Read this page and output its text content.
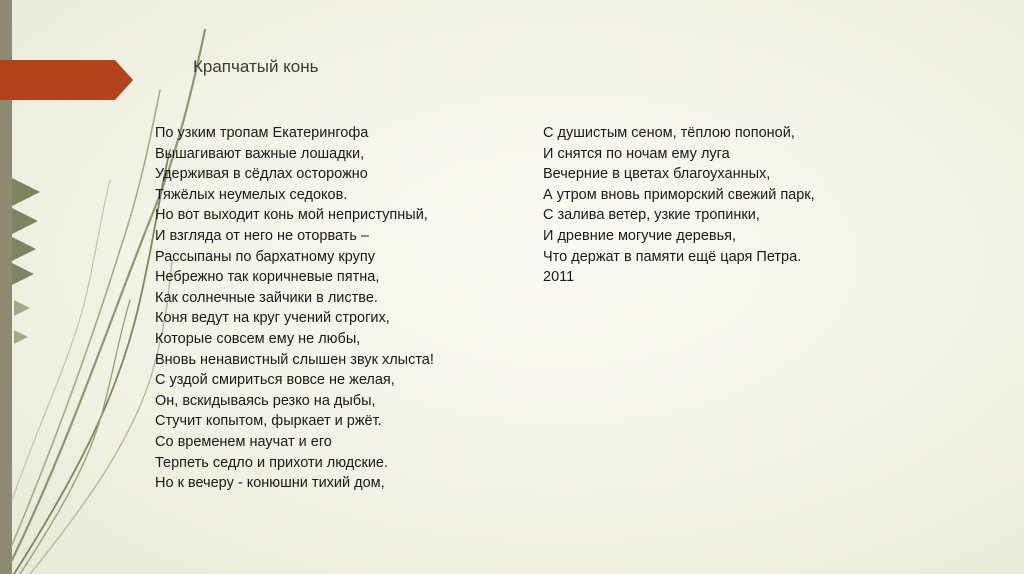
Крапчатый конь
По узким тропам Екатерингофа
Вышагивают важные лошадки,
Удерживая в сёдлах осторожно
Тяжёлых неумелых седоков.
Но вот выходит конь мой неприступный,
И взгляда от него не оторвать –
Рассыпаны по бархатному крупу
Небрежно так коричневые пятна,
Как солнечные зайчики в листве.
Коня ведут на круг учений строгих,
Которые совсем ему не любы,
Вновь ненавистный слышен звук хлыста!
С уздой смириться вовсе не желая,
Он, вскидываясь резко на дыбы,
Стучит копытом, фыркает и ржёт.
Со временем научат и его
Терпеть седло и прихоти людские.
Но к вечеру - конюшни тихий дом,
С душистым сеном, тёплою попоной,
И снятся по ночам ему луга
Вечерние в цветах благоуханных,
А утром вновь приморский свежий парк,
С залива ветер, узкие тропинки,
И древние могучие деревья,
Что держат в памяти ещё царя Петра.
2011
